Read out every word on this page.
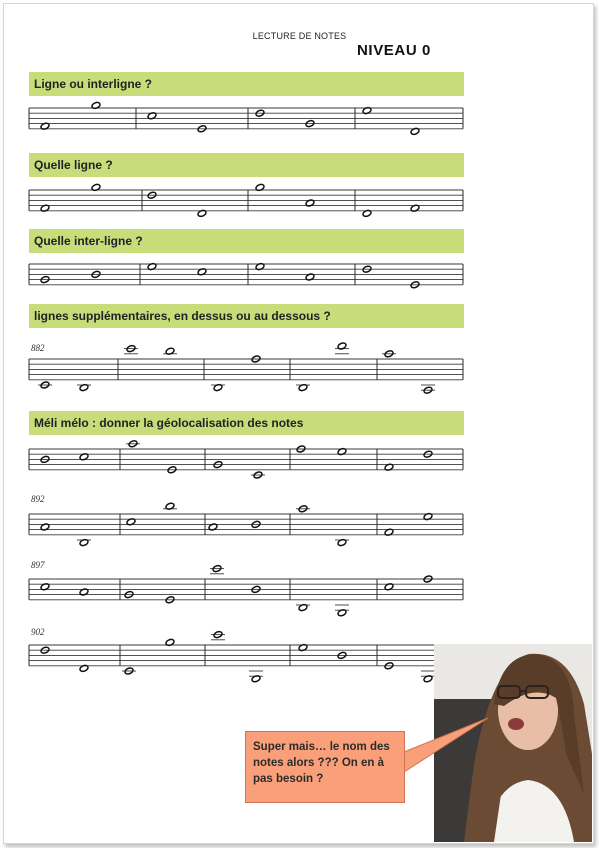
LECTURE DE NOTES
NIVEAU 0
Ligne ou interligne ?
Quelle ligne ?
Quelle inter-ligne ?
lignes supplémentaires, en dessus ou au dessous ?
Méli mélo : donner la géolocalisation des notes
882
892
897
902
Super mais… le nom des notes alors ??? On en à pas besoin ?
